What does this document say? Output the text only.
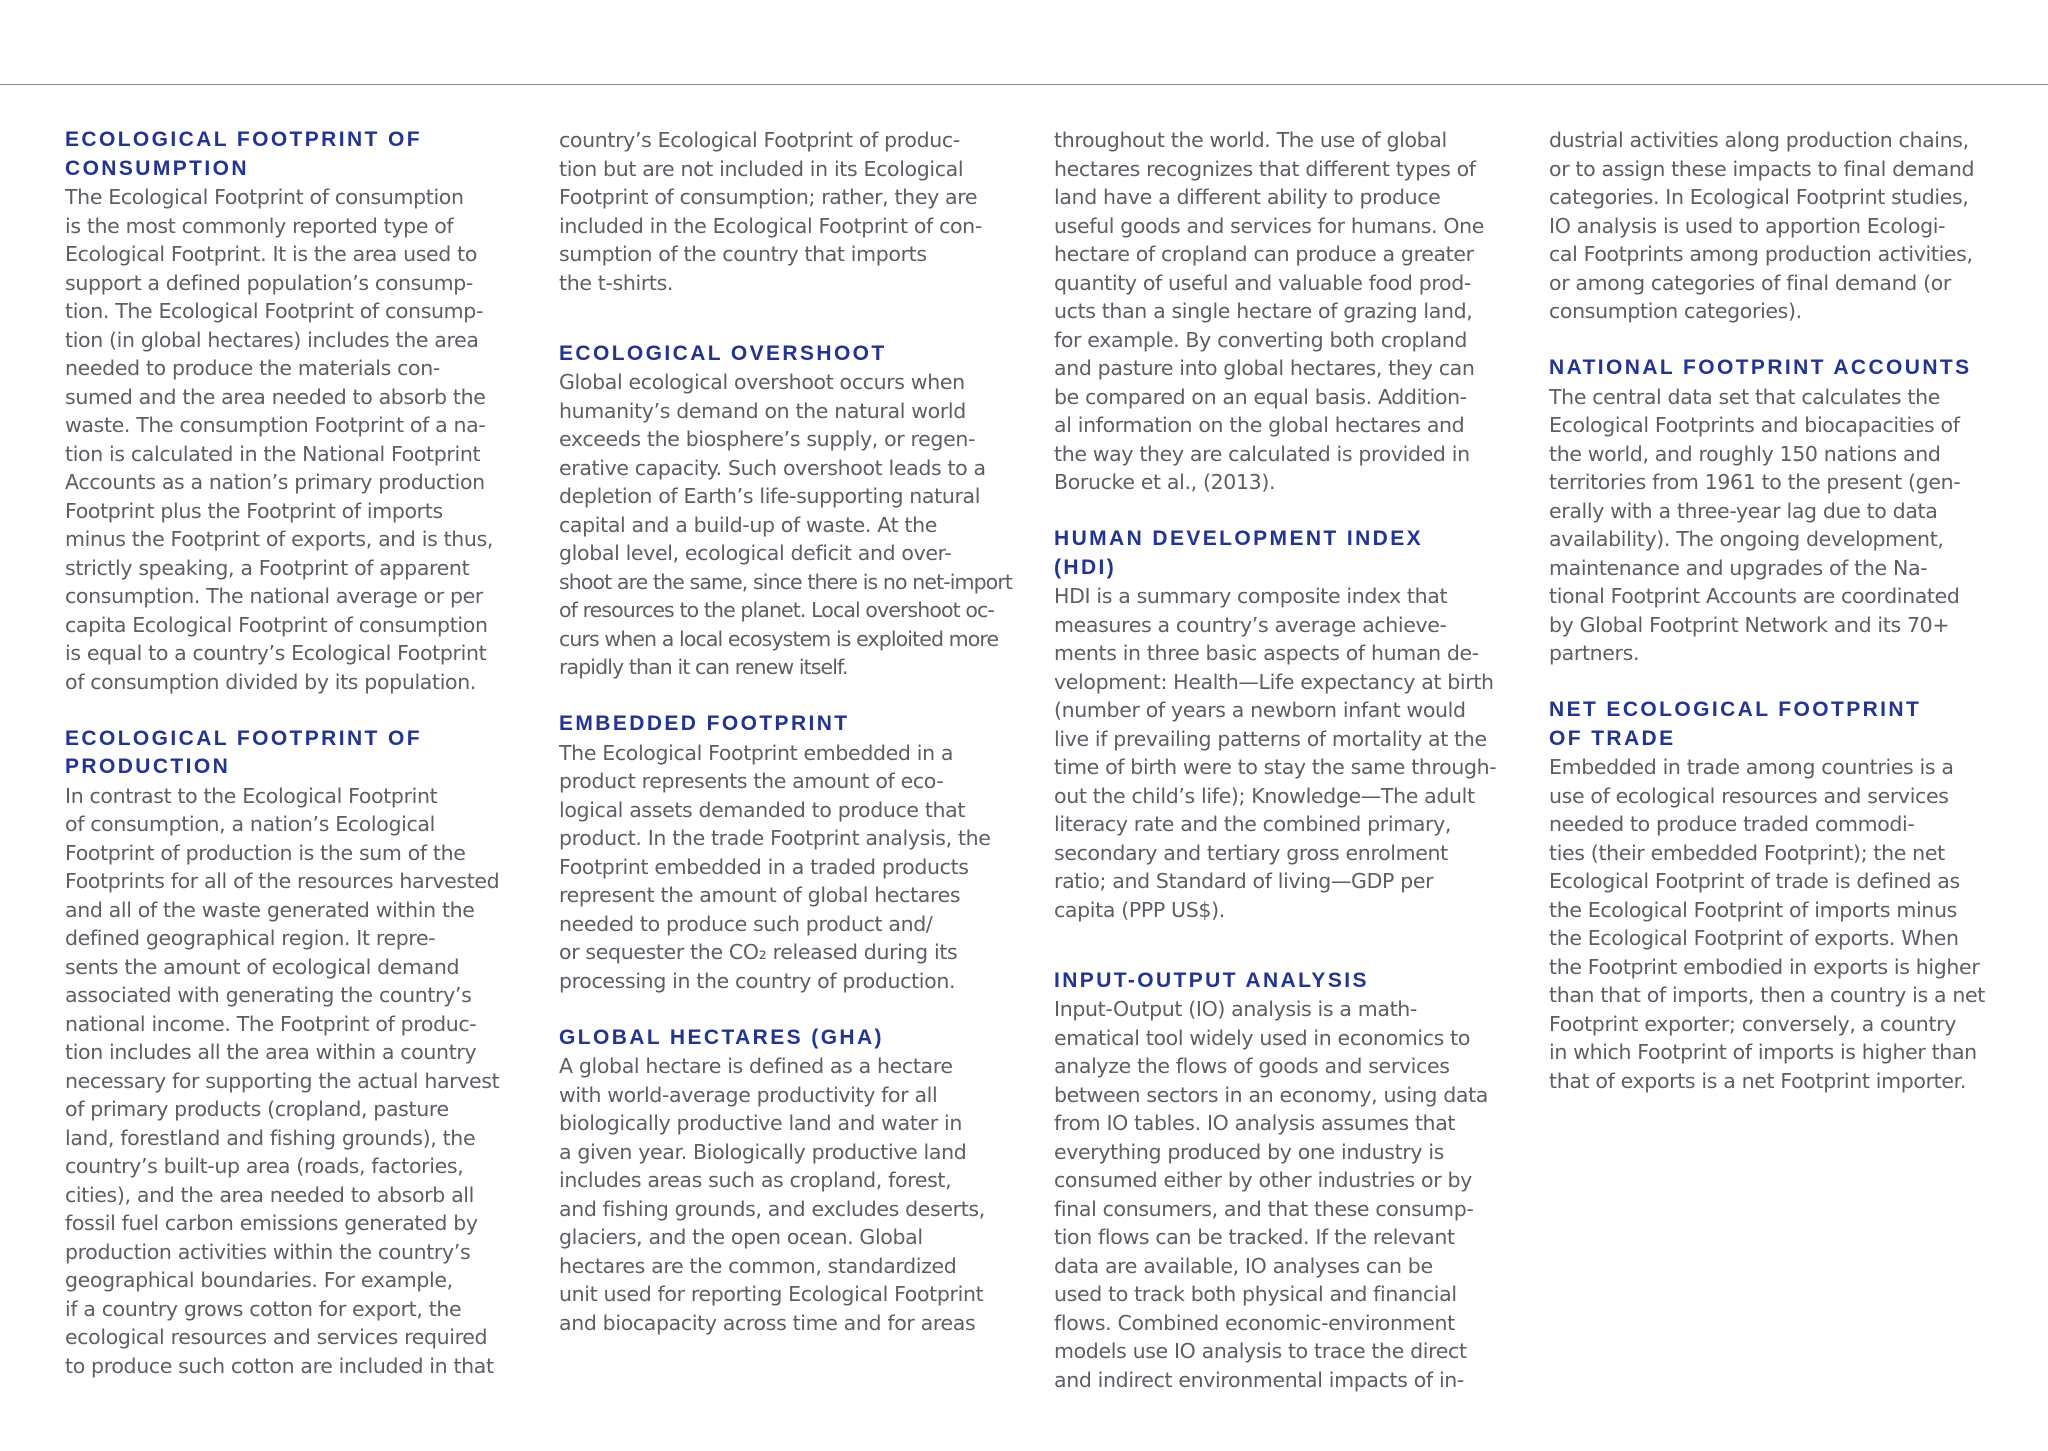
ECOLOGICAL FOOTPRINT OF
CONSUMPTION
The Ecological Footprint of consumption
is the most commonly reported type of
Ecological Footprint. It is the area used to
support a defined population’s consump-
tion. The Ecological Footprint of consump-
tion (in global hectares) includes the area
needed to produce the materials con-
sumed and the area needed to absorb the
waste. The consumption Footprint of a na-
tion is calculated in the National Footprint
Accounts as a nation’s primary production
Footprint plus the Footprint of imports
minus the Footprint of exports, and is thus,
strictly speaking, a Footprint of apparent
consumption. The national average or per
capita Ecological Footprint of consumption
is equal to a country’s Ecological Footprint
of consumption divided by its population.
ECOLOGICAL FOOTPRINT OF
PRODUCTION
In contrast to the Ecological Footprint
of consumption, a nation’s Ecological
Footprint of production is the sum of the
Footprints for all of the resources harvested
and all of the waste generated within the
defined geographical region. It repre-
sents the amount of ecological demand
associated with generating the country’s
national income. The Footprint of produc-
tion includes all the area within a country
necessary for supporting the actual harvest
of primary products (cropland, pasture
land, forestland and fishing grounds), the
country’s built-up area (roads, factories,
cities), and the area needed to absorb all
fossil fuel carbon emissions generated by
production activities within the country’s
geographical boundaries. For example,
if a country grows cotton for export, the
ecological resources and services required
to produce such cotton are included in that
country’s Ecological Footprint of produc-
tion but are not included in its Ecological
Footprint of consumption; rather, they are
included in the Ecological Footprint of con-
sumption of the country that imports
the t-shirts.
ECOLOGICAL OVERSHOOT
Global ecological overshoot occurs when
humanity’s demand on the natural world
exceeds the biosphere’s supply, or regen-
erative capacity. Such overshoot leads to a
depletion of Earth’s life-supporting natural
capital and a build-up of waste. At the
global level, ecological deficit and over-
shoot are the same, since there is no net-import
of resources to the planet. Local overshoot oc-
curs when a local ecosystem is exploited more
rapidly than it can renew itself.
EMBEDDED FOOTPRINT
The Ecological Footprint embedded in a
product represents the amount of eco-
logical assets demanded to produce that
product. In the trade Footprint analysis, the
Footprint embedded in a traded products
represent the amount of global hectares
needed to produce such product and/
or sequester the CO₂ released during its
processing in the country of production.
GLOBAL HECTARES (GHA)
A global hectare is defined as a hectare
with world-average productivity for all
biologically productive land and water in
a given year. Biologically productive land
includes areas such as cropland, forest,
and fishing grounds, and excludes deserts,
glaciers, and the open ocean. Global
hectares are the common, standardized
unit used for reporting Ecological Footprint
and biocapacity across time and for areas
throughout the world. The use of global
hectares recognizes that different types of
land have a different ability to produce
useful goods and services for humans. One
hectare of cropland can produce a greater
quantity of useful and valuable food prod-
ucts than a single hectare of grazing land,
for example. By converting both cropland
and pasture into global hectares, they can
be compared on an equal basis. Addition-
al information on the global hectares and
the way they are calculated is provided in
Borucke et al., (2013).
HUMAN DEVELOPMENT INDEX
(HDI)
HDI is a summary composite index that
measures a country’s average achieve-
ments in three basic aspects of human de-
velopment: Health—Life expectancy at birth
(number of years a newborn infant would
live if prevailing patterns of mortality at the
time of birth were to stay the same through-
out the child’s life); Knowledge—The adult
literacy rate and the combined primary,
secondary and tertiary gross enrolment
ratio; and Standard of living—GDP per
capita (PPP US$).
INPUT-OUTPUT ANALYSIS
Input-Output (IO) analysis is a math-
ematical tool widely used in economics to
analyze the flows of goods and services
between sectors in an economy, using data
from IO tables. IO analysis assumes that
everything produced by one industry is
consumed either by other industries or by
final consumers, and that these consump-
tion flows can be tracked. If the relevant
data are available, IO analyses can be
used to track both physical and financial
flows. Combined economic-environment
models use IO analysis to trace the direct
and indirect environmental impacts of in-
dustrial activities along production chains,
or to assign these impacts to final demand
categories. In Ecological Footprint studies,
IO analysis is used to apportion Ecologi-
cal Footprints among production activities,
or among categories of final demand (or
consumption categories).
NATIONAL FOOTPRINT ACCOUNTS
The central data set that calculates the
Ecological Footprints and biocapacities of
the world, and roughly 150 nations and
territories from 1961 to the present (gen-
erally with a three-year lag due to data
availability). The ongoing development,
maintenance and upgrades of the Na-
tional Footprint Accounts are coordinated
by Global Footprint Network and its 70+
partners.
NET ECOLOGICAL FOOTPRINT
OF TRADE
Embedded in trade among countries is a
use of ecological resources and services
needed to produce traded commodi-
ties (their embedded Footprint); the net
Ecological Footprint of trade is defined as
the Ecological Footprint of imports minus
the Ecological Footprint of exports. When
the Footprint embodied in exports is higher
than that of imports, then a country is a net
Footprint exporter; conversely, a country
in which Footprint of imports is higher than
that of exports is a net Footprint importer.
